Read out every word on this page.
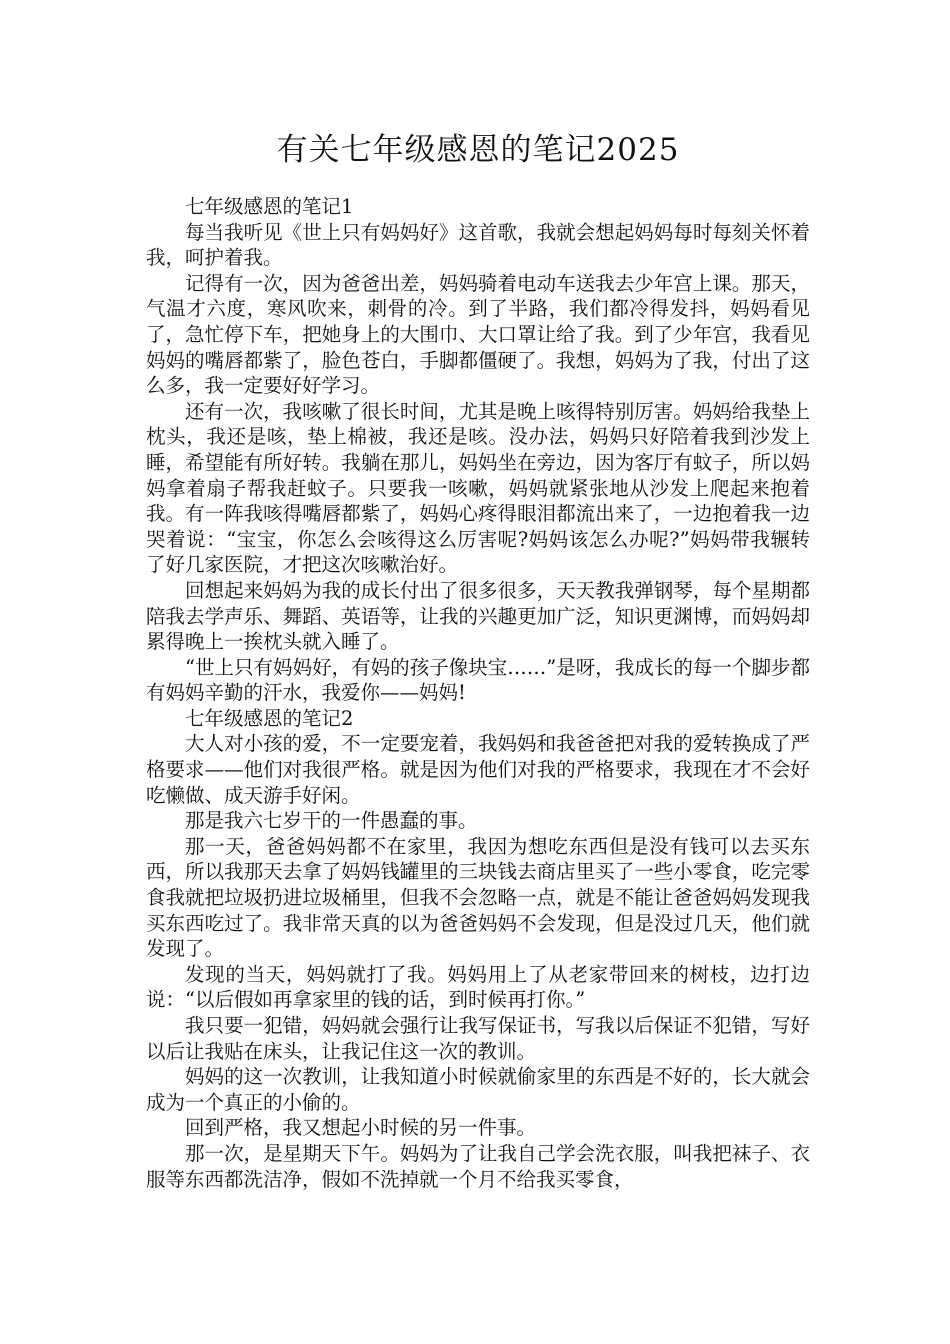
有关七年级感恩的笔记2025

七年级感恩的笔记1

每当我听见《世上只有妈妈好》这首歌，我就会想起妈妈每时每刻关怀着我，呵护着我。

记得有一次，因为爸爸出差，妈妈骑着电动车送我去少年宫上课。那天，气温才六度，寒风吹来，刺骨的冷。到了半路，我们都冷得发抖，妈妈看见了，急忙停下车，把她身上的大围巾、大口罩让给了我。到了少年宫，我看见妈妈的嘴唇都紫了，脸色苍白，手脚都僵硬了。我想，妈妈为了我，付出了这么多，我一定要好好学习。

还有一次，我咳嗽了很长时间，尤其是晚上咳得特别厉害。妈妈给我垫上枕头，我还是咳，垫上棉被，我还是咳。没办法，妈妈只好陪着我到沙发上睡，希望能有所好转。我躺在那儿，妈妈坐在旁边，因为客厅有蚊子，所以妈妈拿着扇子帮我赶蚊子。只要我一咳嗽，妈妈就紧张地从沙发上爬起来抱着我。有一阵我咳得嘴唇都紫了，妈妈心疼得眼泪都流出来了，一边抱着我一边哭着说：“宝宝，你怎么会咳得这么厉害呢?妈妈该怎么办呢?”妈妈带我辗转了好几家医院，才把这次咳嗽治好。

回想起来妈妈为我的成长付出了很多很多，天天教我弹钢琴，每个星期都陪我去学声乐、舞蹈、英语等，让我的兴趣更加广泛，知识更渊博，而妈妈却累得晚上一挨枕头就入睡了。

“世上只有妈妈好，有妈的孩子像块宝……”是呀，我成长的每一个脚步都有妈妈辛勤的汗水，我爱你——妈妈!

七年级感恩的笔记2

大人对小孩的爱，不一定要宠着，我妈妈和我爸爸把对我的爱转换成了严格要求——他们对我很严格。就是因为他们对我的严格要求，我现在才不会好吃懒做、成天游手好闲。

那是我六七岁干的一件愚蠢的事。

那一天，爸爸妈妈都不在家里，我因为想吃东西但是没有钱可以去买东西，所以我那天去拿了妈妈钱罐里的三块钱去商店里买了一些小零食，吃完零食我就把垃圾扔进垃圾桶里，但我不会忽略一点，就是不能让爸爸妈妈发现我买东西吃过了。我非常天真的以为爸爸妈妈不会发现，但是没过几天，他们就发现了。

发现的当天，妈妈就打了我。妈妈用上了从老家带回来的树枝，边打边说：“以后假如再拿家里的钱的话，到时候再打你。”

我只要一犯错，妈妈就会强行让我写保证书，写我以后保证不犯错，写好以后让我贴在床头，让我记住这一次的教训。

妈妈的这一次教训，让我知道小时候就偷家里的东西是不好的，长大就会成为一个真正的小偷的。

回到严格，我又想起小时候的另一件事。

那一次，是星期天下午。妈妈为了让我自己学会洗衣服，叫我把袜子、衣服等东西都洗洁净，假如不洗掉就一个月不给我买零食，
